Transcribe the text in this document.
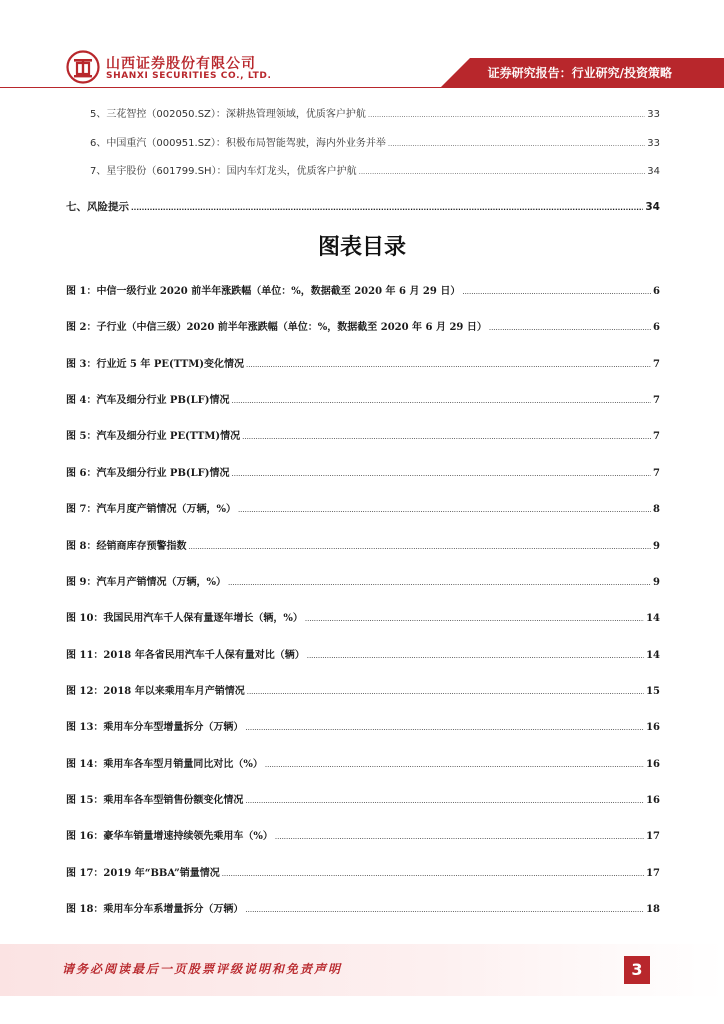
山西证券股份有限公司
SHANXI SECURITIES CO., LTD.	证券研究报告：行业研究/投资策略
5、三花智控（002050.SZ）：深耕热管理领域，优质客户护航 .....	33
6、中国重汽（000951.SZ）：积极布局智能驾驶，海内外业务并举 .....	33
7、星宇股份（601799.SH）：国内车灯龙头，优质客户护航 .....	34
七、风险提示 .....	34
图表目录
图 1：中信一级行业 2020 前半年涨跌幅（单位：%，数据截至 2020 年 6 月 29 日） .....	6
图 2：子行业（中信三级）2020 前半年涨跌幅（单位：%，数据截至 2020 年 6 月 29 日） .....	6
图 3：行业近 5 年 PE(TTM)变化情况 .....	7
图 4：汽车及细分行业 PB(LF)情况 .....	7
图 5：汽车及细分行业 PE(TTM)情况 .....	7
图 6：汽车及细分行业 PB(LF)情况 .....	7
图 7：汽车月度产销情况（万辆，%） .....	8
图 8：经销商库存预警指数 .....	9
图 9：汽车月产销情况（万辆，%） .....	9
图 10：我国民用汽车千人保有量逐年增长（辆，%） .....	14
图 11：2018 年各省民用汽车千人保有量对比（辆） .....	14
图 12：2018 年以来乘用车月产销情况 .....	15
图 13：乘用车分车型增量拆分（万辆） .....	16
图 14：乘用车各车型月销量同比对比（%） .....	16
图 15：乘用车各车型销售份额变化情况 .....	16
图 16：豪华车销量增速持续领先乘用车（%） .....	17
图 17：2019 年“BBA”销量情况 .....	17
图 18：乘用车分车系增量拆分（万辆） .....	18
请务必阅读最后一页股票评级说明和免责声明	3
